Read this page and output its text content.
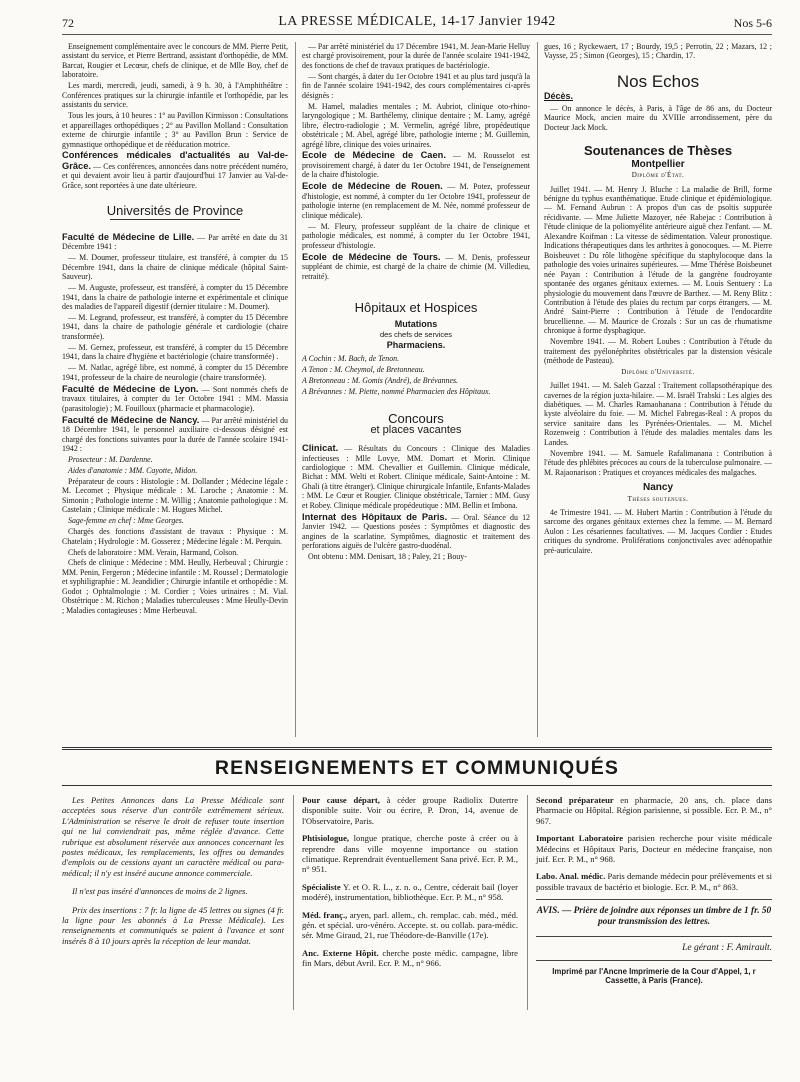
72	LA PRESSE MÉDICALE, 14-17 Janvier 1942	Nos 5-6

Enseignement complémentaire avec le concours de MM. Pierre Petit, assistant du service, et Pierre Bertrand, assistant d'orthopédie, de MM. Barcat, Rougier et Lecœur, chefs de clinique, et de Mlle Boy, chef de laboratoire.

Les mardi, mercredi, jeudi, samedi, à 9 h. 30, à l'Amphithéâtre : Conférences pratiques sur la chirurgie infantile et l'orthopédie, par les assistants du service.

Tous les jours, à 10 heures : 1° au Pavillon Kirmisson : Consultations et appareillages orthopédiques ; 2° au Pavillon Molland : Consultation externe de chirurgie infantile ; 3° au Pavillon Brun : Service de gymnastique orthopédique et de rééducation motrice.

Conférences médicales d'actualités au Val-de-Grâce. — Ces conférences, annoncées dans notre précédent numéro, et qui devaient avoir lieu à partir d'aujourd'hui 17 Janvier au Val-de-Grâce, sont reportées à une date ultérieure.

Universités de Province

Faculté de Médecine de Lille. — Par arrêté en date du 31 Décembre 1941 :

— M. Doumer, professeur titulaire, est transféré, à compter du 15 Décembre 1941, dans la chaire de clinique médicale (hôpital Saint-Sauveur).

— M. Auguste, professeur, est transféré, à compter du 15 Décembre 1941, dans la chaire de pathologie interne et expérimentale et clinique des maladies de l'appareil digestif (dernier titulaire : M. Doumer).

— M. Legrand, professeur, est transféré, à compter du 15 Décembre 1941, dans la chaire de pathologie générale et cardiologie (chaire transformée).

— M. Gernez, professeur, est transféré, à compter du 15 Décembre 1941, dans la chaire d'hygiène et bactériologie (chaire transformée) .

— M. Natlac, agrégé libre, est nommé, à compter du 15 Décembre 1941, professeur de la chaire de neurologie (chaire transformée).

Faculté de Médecine de Lyon. — Sont nommés chefs de travaux titulaires, à compter du 1er Octobre 1941 : MM. Massia (parasitologie) ; M. Fouilloux (pharmacie et pharmacologie).

Faculté de Médecine de Nancy. — Par arrêté ministériel du 18 Décembre 1941, le personnel auxiliaire ci-dessous désigné est chargé des fonctions suivantes pour la durée de l'année scolaire 1941-1942 :

Prosecteur : M. Dardenne.

Aides d'anatomie : MM. Cayotte, Midon.

Préparateur de cours : Histologie : M. Dollander ; Médecine légale : M. Lecomet ; Physique médicale : M. Laroche ; Anatomie : M. Simonin ; Pathologie interne : M. Willig ; Anatomie pathologique : M. Castelain ; Clinique médicale : M. Hugues Michel.

Sage-femme en chef : Mme Georges.

Chargés des fonctions d'assistant de travaux : Physique : M. Chatelain ; Hydrologie : M. Gosserez ; Médecine légale : M. Perquin.

Chefs de laboratoire : MM. Verain, Harmand, Colson.

Chefs de clinique : Médecine : MM. Heully, Herbeuval ; Chirurgie : MM. Penin, Fergeron ; Médecine infantile : M. Roussel ; Dermatologie et syphiligraphie : M. Jeandidier ; Chirurgie infantile et orthopédie : M. Godot ; Ophtalmologie : M. Cordier ; Voies urinaires : M. Vial. Obstétrique : M. Richon ; Maladies tuberculeuses : Mme Heully-Devin ; Maladies contagieuses : Mme Herbeuval.

— Par arrêté ministériel du 17 Décembre 1941, M. Jean-Marie Helluy est chargé provisoirement, pour la durée de l'année scolaire 1941-1942, des fonctions de chef de travaux pratiques de bactériologie.

— Sont chargés, à dater du 1er Octobre 1941 et au plus tard jusqu'à la fin de l'année scolaire 1941-1942, des cours complémentaires ci-après désignés :

M. Hamel, maladies mentales ; M. Aubriot, clinique oto-rhino-laryngologique ; M. Barthélemy, clinique dentaire ; M. Lamy, agrégé libre, électro-radiologie ; M. Vermelin, agrégé libre, propédeutique obstétricale ; M. Abel, agrégé libre, pathologie interne ; M. Guillemin, agrégé libre, clinique des voies urinaires.

Ecole de Médecine de Caen. — M. Rousselot est provisoirement chargé, à dater du 1er Octobre 1941, de l'enseignement de la chaire d'histologie.

Ecole de Médecine de Rouen. — M. Potez, professeur d'histologie, est nommé, à compter du 1er Octobre 1941, professeur de pathologie interne (en remplacement de M. Née, nommé professeur de clinique médicale).

— M. Fleury, professeur suppléant de la chaire de clinique et pathologie médicales, est nommé, à compter du 1er Octobre 1941, professeur d'histologie.

Ecole de Médecine de Tours. — M. Denis, professeur suppléant de chimie, est chargé de la chaire de chimie (M. Villedieu, retraité).

Hôpitaux et Hospices
Mutations
des chefs de services
Pharmaciens.

A Cochin : M. Bach, de Tenon.

A Tenon : M. Cheymol, de Bretonneau.

A Bretonneau : M. Gomis (André), de Brévannes.

A Brévannes : M. Piette, nommé Pharmacien des Hôpitaux.

Concours
et places vacantes

Clinicat. — Résultats du Concours : Clinique des Maladies infectieuses : Mlle Lovye, MM. Domart et Morin. Clinique cardiologique : MM. Chevallier et Guillemin. Clinique médicale, Bichat : MM. Welti et Robert. Clinique médicale, Saint-Antoine : M. Ghali (à titre étranger). Clinique chirurgicale Infantile, Enfants-Malades : MM. Le Cœur et Rougier. Clinique obstétricale, Tarnier : MM. Gusy et Robey. Clinique médicale propédeutique : MM. Bellin et Imbona.

Internat des Hôpitaux de Paris. — Oral. Séance du 12 Janvier 1942. — Questions posées : Symptômes et diagnostic des angines de la scarlatine. Symptômes, diagnostic et traitement des perforations aiguës de l'ulcère gastro-duodénal.

Ont obtenu : MM. Denisart, 18 ; Paley, 21 ; Bouy-

gues, 16 ; Ryckewaert, 17 ; Bourdy, 19,5 ; Perrotin, 22 ; Mazars, 12 ; Vaysse, 25 ; Simon (Georges), 15 ; Chardin, 17.

Nos Echos
Décès.

— On annonce le décès, à Paris, à l'âge de 86 ans, du Docteur Maurice Mock, ancien maire du XVIIIe arrondissement, père du Docteur Jack Mock.

Soutenances de Thèses
Montpellier
Diplôme d'État.

Juillet 1941. — M. Henry J. Bluche : La maladie de Brill, forme bénigne du typhus exanthématique. Etude clinique et épidémiologique. — M. Fernand Aubrun : A propos d'un cas de psoïtis suppurée récidivante. — Mme Juliette Mazoyer, née Rabejac : Contribution à l'étude clinique de la poliomyélite antérieure aiguë chez l'enfant. — M. Alexandre Koifman : La vitesse de sédimentation. Valeur pronostique. Indications thérapeutiques dans les arthrites à gonocoques. — M. Pierre Boisbeuvet : Du rôle lithogène spécifique du staphylocoque dans la pathologie des voies urinaires supérieures. — Mme Thérèse Boisbeunet née Payan : Contribution à l'étude de la gangrène foudroyante spontanée des organes génitaux externes. — M. Louis Sentuery : La physiologie du mouvement dans l'œuvre de Barthez. — M. Reny Blitz : Contribution à l'étude des plaies du rectum par corps étrangers. — M. André Saint-Pierre : Contribution à l'étude de l'endocardite brucellienne. — M. Maurice de Crozals : Sur un cas de rhumatisme chronique à forme dysphagique.

Novembre 1941. — M. Robert Loubes : Contribution à l'étude du traitement des pyélonéphrites obstétricales par la distension vésicale (méthode de Pasteau).

Diplôme d'Université.

Juillet 1941. — M. Saleh Gazzal : Traitement collapsothérapique des cavernes de la région juxta-hilaire. — M. Israël Trabski : Les algies des diabétiques. — M. Charles Ramaohanana : Contribution à l'étude du kyste alvéolaire du foie. — M. Michel Fabregas-Real : A propos du service sanitaire dans les Pyrénées-Orientales. — M. Michel Rozenweig : Contribution à l'étude des maladies mentales dans les Landes.

Novembre 1941. — M. Samuele Rafalimanana : Contribution à l'étude des phlébites précoces au cours de la tuberculose pulmonaire. — M. Rajaonarison : Pratiques et croyances médicales des malgaches.

Nancy
Thèses soutenues.

4e Trimestre 1941. — M. Hubert Martin : Contribution à l'étude du sarcome des organes génitaux externes chez la femme. — M. Bernard Aulon : Les césariennes facultatives. — M. Jacques Cordier : Etudes critiques du syndrome. Proliférations conjonctivales avec adénopathie pré-auriculaire.

RENSEIGNEMENTS ET COMMUNIQUÉS

Les Petites Annonces dans La Presse Médicale sont acceptées sous réserve d'un contrôle extrêmement sérieux. L'Administration se réserve le droit de refuser toute insertion qui ne lui conviendrait pas, même réglée d'avance. Cette rubrique est absolument réservée aux annonces concernant les postes médicaux, les remplacements, les offres ou demandes d'emplois ou de cessions ayant un caractère médical ou para-médical; il n'y est inséré aucune annonce commerciale.

Il n'est pas inséré d'annonces de moins de 2 lignes.

Prix des insertions : 7 fr. la ligne de 45 lettres ou signes (4 fr. la ligne pour les abonnés à La Presse Médicale). Les renseignements et communiqués se paient à l'avance et sont insérés 8 à 10 jours après la réception de leur mandat.

Pour cause départ, à céder groupe Radiolix Dutertre disponible suite. Voir ou écrire, P. Dron, 14, avenue de l'Observatoire, Paris.

Phtisiologue, longue pratique, cherche poste à créer ou à reprendre dans ville moyenne importance ou station climatique. Reprendrait éventuellement Sana privé. Ecr. P. M., n° 951.

Spécialiste Y. et O. R. L., z. n. o., Centre, céderait bail (loyer modéré), instrumentation, bibliothèque. Ecr. P. M., n° 958.

Méd. franç., aryen, parl. allem., ch. remplac. cab. méd., méd. gén. et spécial. uro-vénéro. Accepte. st. ou collab. para-médic. sér. Mme Giraud, 21, rue Théodore-de-Banville (17e).

Anc. Externe Hôpit. cherche poste médic. campagne, libre fin Mars, début Avril. Ecr. P. M., n° 966.

Second préparateur en pharmacie, 20 ans, ch. place dans Pharmacie ou Hôpital. Région parisienne, si possible. Ecr. P. M., n° 967.

Important Laboratoire parisien recherche pour visite médicale Médecins et Hôpitaux Paris, Docteur en médecine française, non juif. Ecr. P. M., n° 968.

Labo. Anal. médic. Paris demande médecin pour prélèvements et si possible travaux de bactério et biologie. Ecr. P. M., n° 863.

AVIS. — Prière de joindre aux réponses un timbre de 1 fr. 50 pour transmission des lettres.
Le gérant : F. Amirault.
Imprimé par l'Ancne Imprimerie de la Cour d'Appel, 1, r Cassette, à Paris (France).
